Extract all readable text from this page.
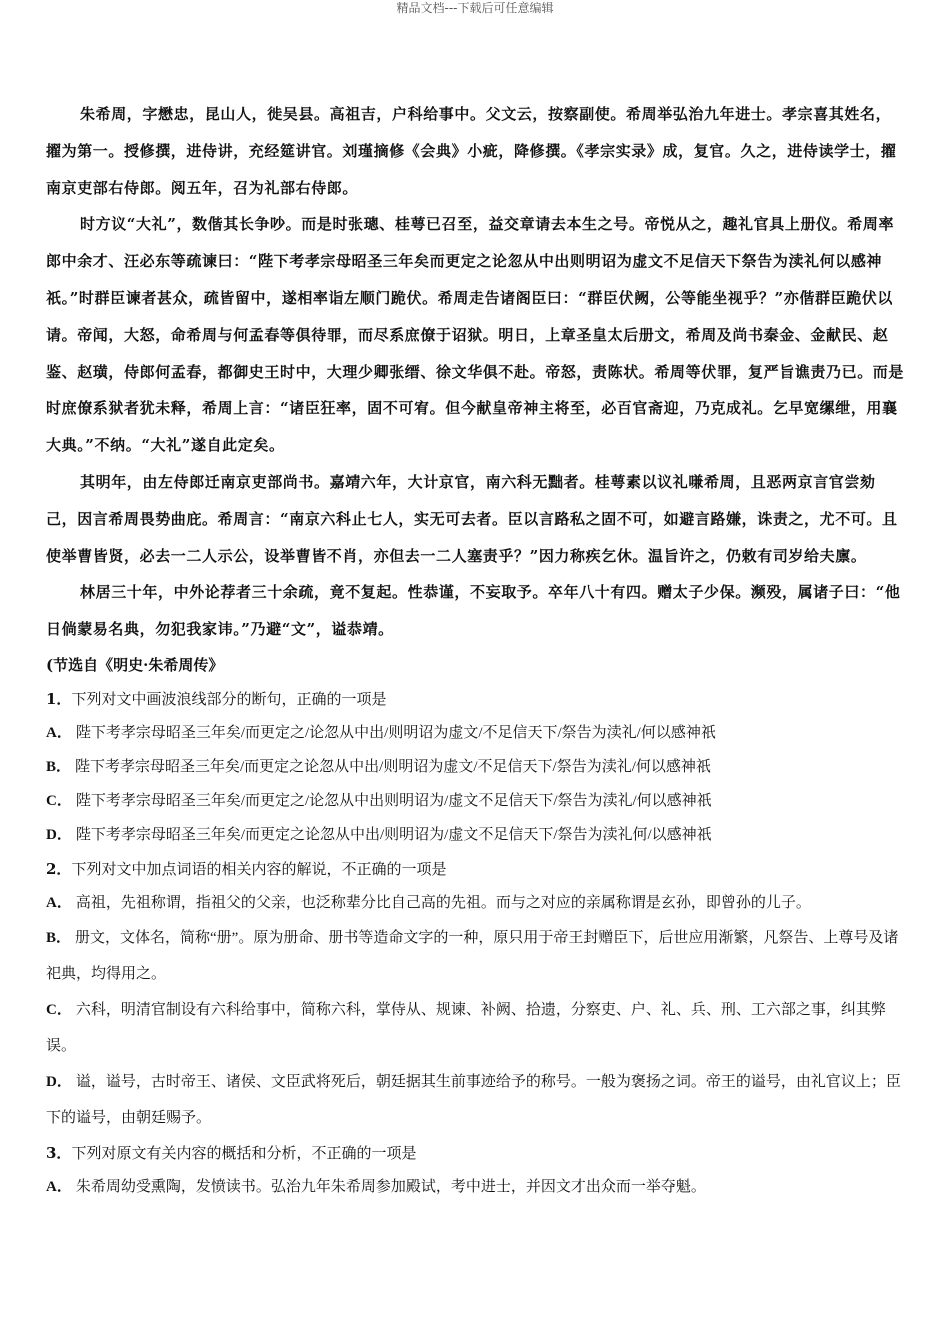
精品文档---下载后可任意编辑

朱希周，字懋忠，昆山人，徙吴县。高祖吉，户科给事中。父文云，按察副使。希周举弘治九年进士。孝宗喜其姓名，擢为第一。授修撰，进侍讲，充经筵讲官。刘瑾摘修《会典》小疵，降修撰。《孝宗实录》成，复官。久之，进侍读学士，擢南京吏部右侍郎。阅五年，召为礼部右侍郎。

时方议“大礼”，数偕其长争吵。而是时张璁、桂萼已召至，益交章请去本生之号。帝悦从之，趣礼官具上册仪。希周率郎中余才、汪必东等疏谏曰：“陛下考孝宗母昭圣三年矣而更定之论忽从中出则明诏为虚文不足信天下祭告为渎礼何以感神祇。”时群臣谏者甚众，疏皆留中，遂相率诣左顺门跪伏。希周走告诸阁臣曰：“群臣伏阙，公等能坐视乎？”亦偕群臣跪伏以请。帝闻，大怒，命希周与何孟春等俱待罪，而尽系庶僚于诏狱。明日，上章圣皇太后册文，希周及尚书秦金、金献民、赵鉴、赵璜，侍郎何孟春，都御史王时中，大理少卿张缙、徐文华俱不赴。帝怒，责陈状。希周等伏罪，复严旨谯责乃已。而是时庶僚系狱者犹未释，希周上言：“诸臣狂率，固不可宥。但今献皇帝神主将至，必百官斋迎，乃克成礼。乞早宽缧绁，用襄大典。”不纳。“大礼”遂自此定矣。

其明年，由左侍郎迁南京吏部尚书。嘉靖六年，大计京官，南六科无黜者。桂萼素以议礼嗛希周，且恶两京言官尝劾己，因言希周畏势曲庇。希周言：“南京六科止七人，实无可去者。臣以言路私之固不可，如避言路嫌，诛责之，尤不可。且使举曹皆贤，必去一二人示公，设举曹皆不肖，亦但去一二人塞责乎？”因力称疾乞休。温旨许之，仍敕有司岁给夫廪。

林居三十年，中外论荐者三十余疏，竟不复起。性恭谨，不妄取予。卒年八十有四。赠太子少保。濒殁，属诸子曰：“他日倘蒙易名典，勿犯我家讳。”乃避“文”，谥恭靖。

(节选自《明史·朱希周传》

1．下列对文中画波浪线部分的断句，正确的一项是

A． 陛下考孝宗母昭圣三年矣/而更定之/论忽从中出/则明诏为虚文/不足信天下/祭告为渎礼/何以感神祇

B． 陛下考孝宗母昭圣三年矣/而更定之论忽从中出/则明诏为虚文/不足信天下/祭告为渎礼/何以感神祇

C． 陛下考孝宗母昭圣三年矣/而更定之/论忽从中出则明诏为/虚文不足信天下/祭告为渎礼/何以感神祇

D． 陛下考孝宗母昭圣三年矣/而更定之论忽从中出/则明诏为/虚文不足信天下/祭告为渎礼何/以感神祇

2．下列对文中加点词语的相关内容的解说，不正确的一项是

A． 高祖，先祖称谓，指祖父的父亲，也泛称辈分比自己高的先祖。而与之对应的亲属称谓是玄孙，即曾孙的儿子。

B． 册文，文体名，简称“册”。原为册命、册书等造命文字的一种，原只用于帝王封赠臣下，后世应用渐繁，凡祭告、上尊号及诸祀典，均得用之。

C． 六科，明清官制设有六科给事中，简称六科，掌侍从、规谏、补阙、拾遗，分察吏、户、礼、兵、刑、工六部之事，纠其弊误。

D． 谥，谥号，古时帝王、诸侯、文臣武将死后，朝廷据其生前事迹给予的称号。一般为褒扬之词。帝王的谥号，由礼官议上；臣下的谥号，由朝廷赐予。

3．下列对原文有关内容的概括和分析，不正确的一项是

A． 朱希周幼受熏陶，发愤读书。弘治九年朱希周参加殿试，考中进士，并因文才出众而一举夺魁。
